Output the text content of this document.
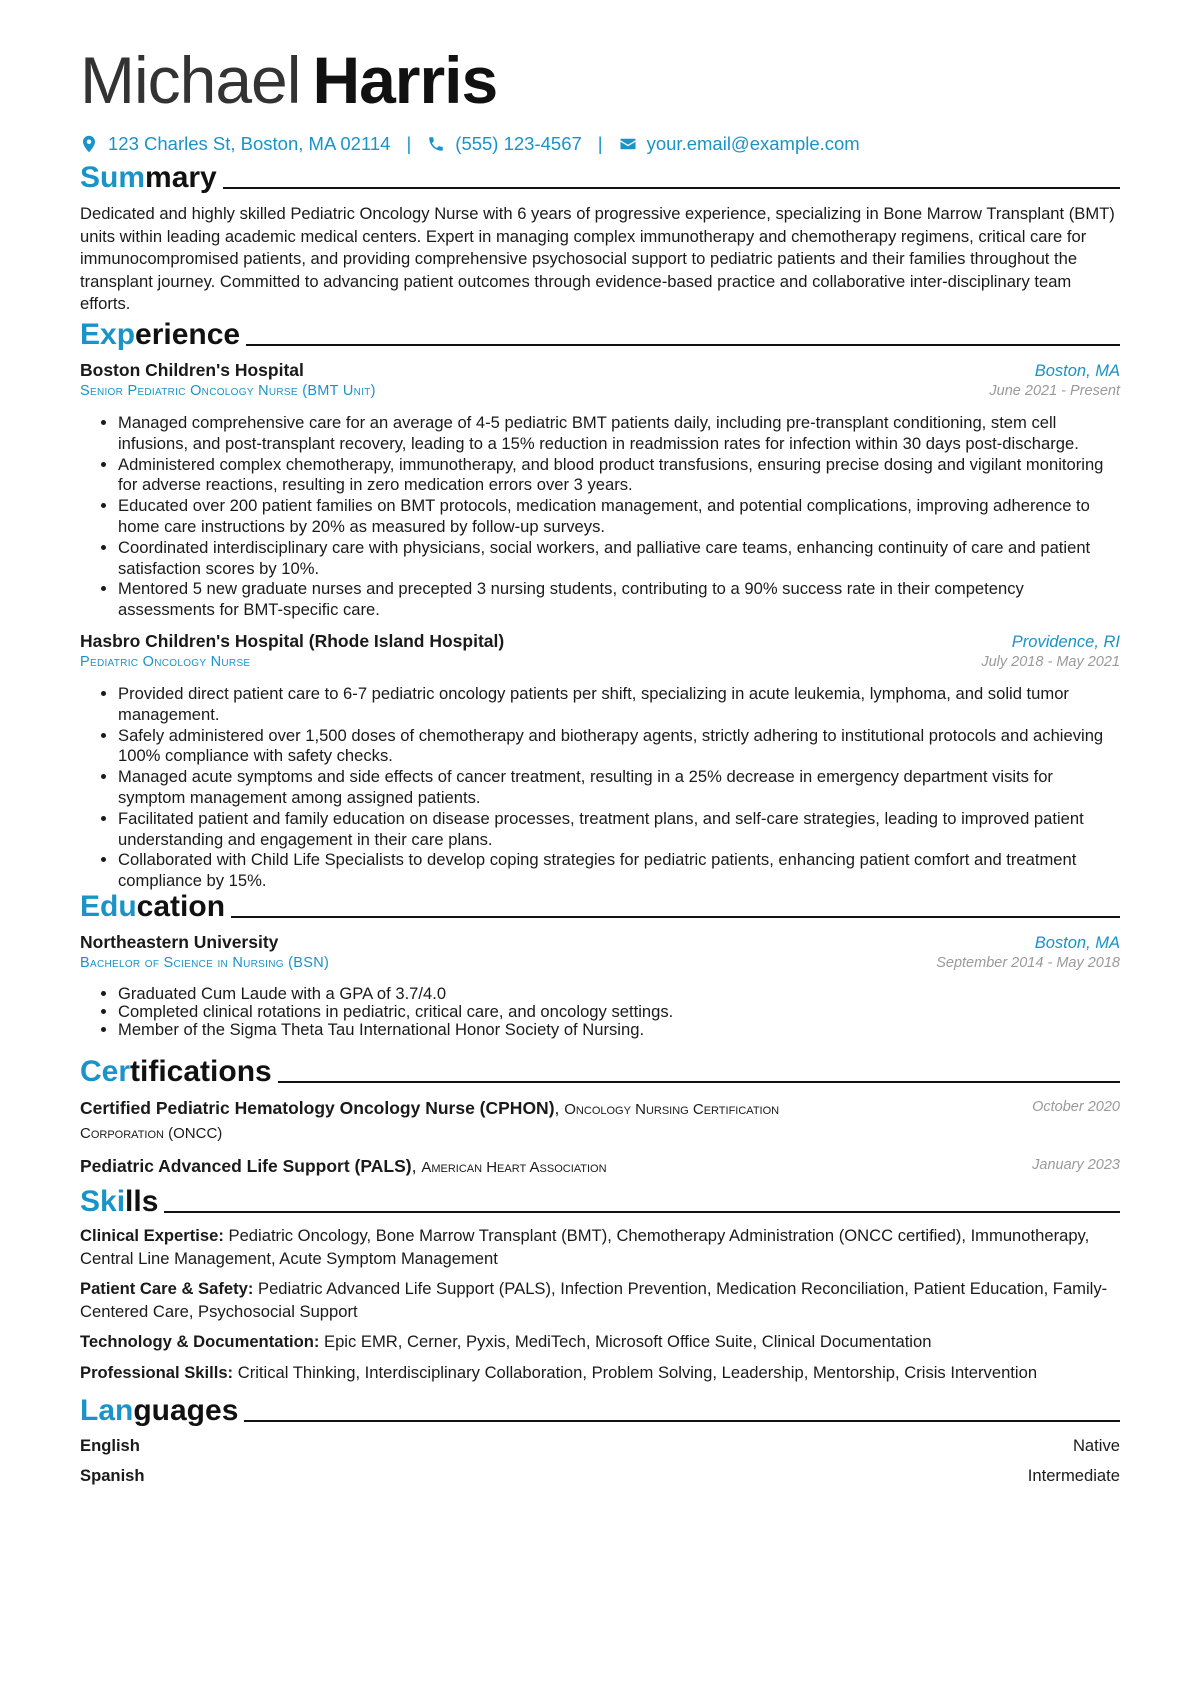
Michael Harris
123 Charles St, Boston, MA 02114 | (555) 123-4567 | your.email@example.com
Summary
Dedicated and highly skilled Pediatric Oncology Nurse with 6 years of progressive experience, specializing in Bone Marrow Transplant (BMT) units within leading academic medical centers. Expert in managing complex immunotherapy and chemotherapy regimens, critical care for immunocompromised patients, and providing comprehensive psychosocial support to pediatric patients and their families throughout the transplant journey. Committed to advancing patient outcomes through evidence-based practice and collaborative inter-disciplinary team efforts.
Experience
Boston Children's Hospital	Boston, MA
Senior Pediatric Oncology Nurse (BMT Unit)	June 2021 - Present
• Managed comprehensive care for an average of 4-5 pediatric BMT patients daily, including pre-transplant conditioning, stem cell infusions, and post-transplant recovery, leading to a 15% reduction in readmission rates for infection within 30 days post-discharge.
• Administered complex chemotherapy, immunotherapy, and blood product transfusions, ensuring precise dosing and vigilant monitoring for adverse reactions, resulting in zero medication errors over 3 years.
• Educated over 200 patient families on BMT protocols, medication management, and potential complications, improving adherence to home care instructions by 20% as measured by follow-up surveys.
• Coordinated interdisciplinary care with physicians, social workers, and palliative care teams, enhancing continuity of care and patient satisfaction scores by 10%.
• Mentored 5 new graduate nurses and precepted 3 nursing students, contributing to a 90% success rate in their competency assessments for BMT-specific care.
Hasbro Children's Hospital (Rhode Island Hospital)	Providence, RI
Pediatric Oncology Nurse	July 2018 - May 2021
• Provided direct patient care to 6-7 pediatric oncology patients per shift, specializing in acute leukemia, lymphoma, and solid tumor management.
• Safely administered over 1,500 doses of chemotherapy and biotherapy agents, strictly adhering to institutional protocols and achieving 100% compliance with safety checks.
• Managed acute symptoms and side effects of cancer treatment, resulting in a 25% decrease in emergency department visits for symptom management among assigned patients.
• Facilitated patient and family education on disease processes, treatment plans, and self-care strategies, leading to improved patient understanding and engagement in their care plans.
• Collaborated with Child Life Specialists to develop coping strategies for pediatric patients, enhancing patient comfort and treatment compliance by 15%.
Education
Northeastern University	Boston, MA
Bachelor of Science in Nursing (BSN)	September 2014 - May 2018
• Graduated Cum Laude with a GPA of 3.7/4.0
• Completed clinical rotations in pediatric, critical care, and oncology settings.
• Member of the Sigma Theta Tau International Honor Society of Nursing.
Certifications
Certified Pediatric Hematology Oncology Nurse (CPHON), Oncology Nursing Certification Corporation (ONCC)
October 2020
Pediatric Advanced Life Support (PALS), American Heart Association	January 2023
Skills
Clinical Expertise: Pediatric Oncology, Bone Marrow Transplant (BMT), Chemotherapy Administration (ONCC certified), Immunotherapy, Central Line Management, Acute Symptom Management
Patient Care & Safety: Pediatric Advanced Life Support (PALS), Infection Prevention, Medication Reconciliation, Patient Education, Family-Centered Care, Psychosocial Support
Technology & Documentation: Epic EMR, Cerner, Pyxis, MediTech, Microsoft Office Suite, Clinical Documentation
Professional Skills: Critical Thinking, Interdisciplinary Collaboration, Problem Solving, Leadership, Mentorship, Crisis Intervention
Languages
English	Native
Spanish	Intermediate
